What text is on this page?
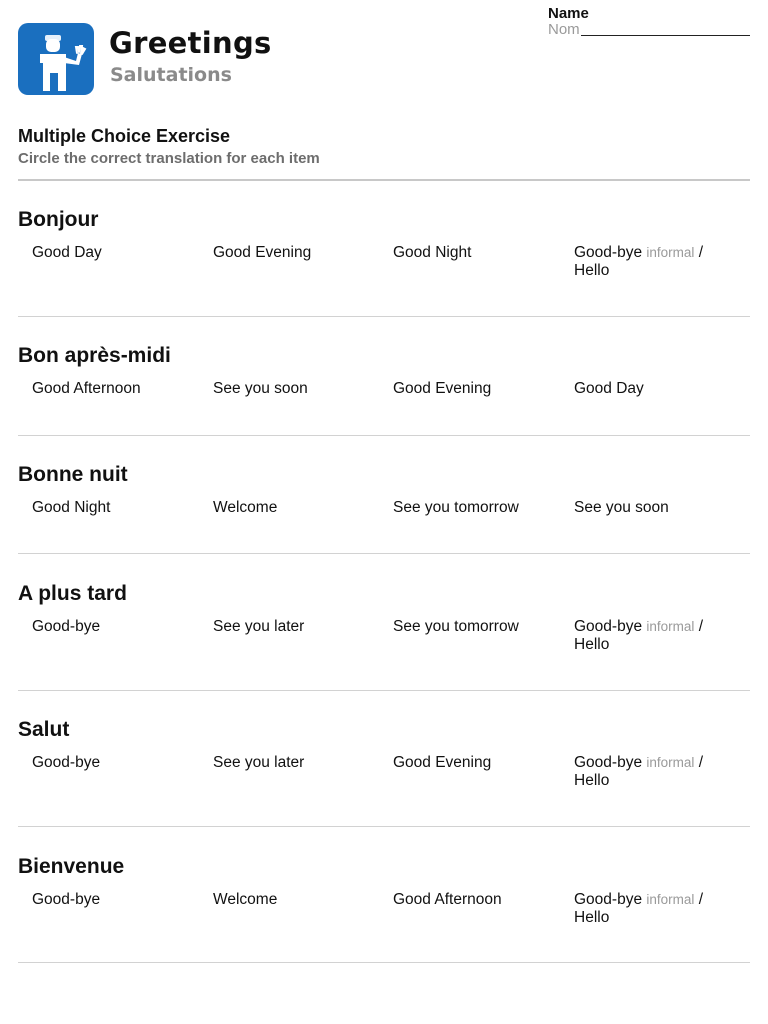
Greetings
Salutations
Name
Nom
Multiple Choice Exercise
Circle the correct translation for each item
Bonjour
Good Day	Good Evening	Good Night	Good-bye informal /
Hello
Bon après-midi
Good Afternoon	See you soon	Good Evening	Good Day
Bonne nuit
Good Night	Welcome	See you tomorrow	See you soon
A plus tard
Good-bye	See you later	See you tomorrow	Good-bye informal /
Hello
Salut
Good-bye	See you later	Good Evening	Good-bye informal /
Hello
Bienvenue
Good-bye	Welcome	Good Afternoon	Good-bye informal /
Hello
